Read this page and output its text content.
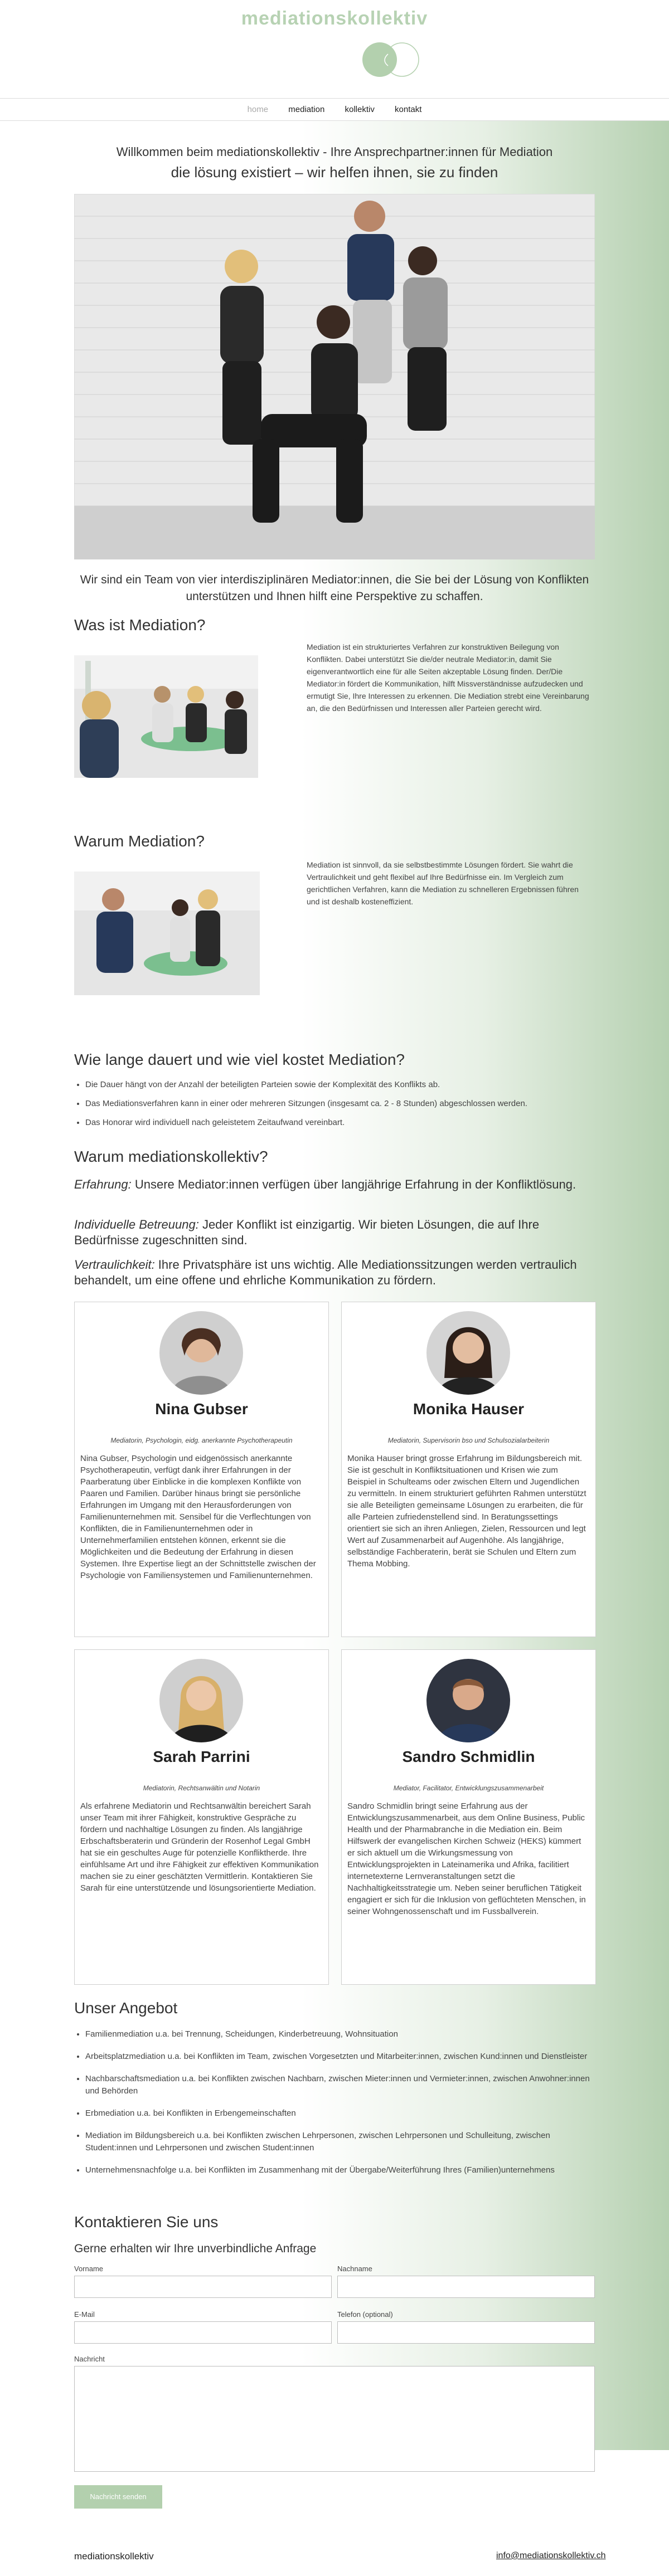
mediationskollektiv
home mediation kollektiv kontakt
Willkommen beim mediationskollektiv - Ihre Ansprechpartner:innen für Mediation
die lösung existiert – wir helfen ihnen, sie zu finden
Wir sind ein Team von vier interdisziplinären Mediator:innen, die Sie bei der Lösung von Konflikten unterstützen und Ihnen hilft eine Perspektive zu schaffen.
Was ist Mediation?
Mediation ist ein strukturiertes Verfahren zur konstruktiven Beilegung von Konflikten. Dabei unterstützt Sie die/der neutrale Mediator:in, damit Sie eigenverantwortlich eine für alle Seiten akzeptable Lösung finden. Der/Die Mediator:in fördert die Kommunikation, hilft Missverständnisse aufzudecken und ermutigt Sie, Ihre Interessen zu erkennen. Die Mediation strebt eine Vereinbarung an, die den Bedürfnissen und Interessen aller Parteien gerecht wird.
Warum Mediation?
Mediation ist sinnvoll, da sie selbstbestimmte Lösungen fördert. Sie wahrt die Vertraulichkeit und geht flexibel auf Ihre Bedürfnisse ein. Im Vergleich zum gerichtlichen Verfahren, kann die Mediation zu schnelleren Ergebnissen führen und ist deshalb kosteneffizient.
Wie lange dauert und wie viel kostet Mediation?
• Die Dauer hängt von der Anzahl der beteiligten Parteien sowie der Komplexität des Konflikts ab.
• Das Mediationsverfahren kann in einer oder mehreren Sitzungen (insgesamt ca. 2 - 8 Stunden) abgeschlossen werden.
• Das Honorar wird individuell nach geleistetem Zeitaufwand vereinbart.
Warum mediationskollektiv?

Erfahrung: Unsere Mediator:innen verfügen über langjährige Erfahrung in der Konfliktlösung.

Individuelle Betreuung: Jeder Konflikt ist einzigartig. Wir bieten Lösungen, die auf Ihre Bedürfnisse zugeschnitten sind.

Vertraulichkeit: Ihre Privatsphäre ist uns wichtig. Alle Mediationssitzungen werden vertraulich behandelt, um eine offene und ehrliche Kommunikation zu fördern.

Nina Gubser
Mediatorin, Psychologin, eidg. anerkannte Psychotherapeutin
Nina Gubser, Psychologin und eidgenössisch anerkannte Psychotherapeutin, verfügt dank ihrer Erfahrungen in der Paarberatung über Einblicke in die komplexen Konflikte von Paaren und Familien. Darüber hinaus bringt sie persönliche Erfahrungen im Umgang mit den Herausforderungen von Familienunternehmen mit. Sensibel für die Verflechtungen von Konflikten, die in Familienunternehmen oder in Unternehmerfamilien entstehen können, erkennt sie die Möglichkeiten und die Bedeutung der Erfahrung in diesen Systemen. Ihre Expertise liegt an der Schnittstelle zwischen der Psychologie von Familiensystemen und Familienunternehmen.
Monika Hauser
Mediatorin, Supervisorin bso und Schulsozialarbeiterin
Monika Hauser bringt grosse Erfahrung im Bildungsbereich mit. Sie ist geschult in Konfliktsituationen und Krisen wie zum Beispiel in Schulteams oder zwischen Eltern und Jugendlichen zu vermitteln. In einem strukturiert geführten Rahmen unterstützt sie alle Beteiligten gemeinsame Lösungen zu erarbeiten, die für alle Parteien zufriedenstellend sind. In Beratungssettings orientiert sie sich an ihren Anliegen, Zielen, Ressourcen und legt Wert auf Zusammenarbeit auf Augenhöhe. Als langjährige, selbständige Fachberaterin, berät sie Schulen und Eltern zum Thema Mobbing.
Sarah Parrini
Mediatorin, Rechtsanwältin und Notarin
Als erfahrene Mediatorin und Rechtsanwältin bereichert Sarah unser Team mit ihrer Fähigkeit, konstruktive Gespräche zu fördern und nachhaltige Lösungen zu finden. Als langjährige Erbschaftsberaterin und Gründerin der Rosenhof Legal GmbH hat sie ein geschultes Auge für potenzielle Konfliktherde. Ihre einfühlsame Art und ihre Fähigkeit zur effektiven Kommunikation machen sie zu einer geschätzten Vermittlerin. Kontaktieren Sie Sarah für eine unterstützende und lösungsorientierte Mediation.
Sandro Schmidlin
Mediator, Facilitator, Entwicklungszusammenarbeit
Sandro Schmidlin bringt seine Erfahrung aus der Entwicklungszusammenarbeit, aus dem Online Business, Public Health und der Pharmabranche in die Mediation ein. Beim Hilfswerk der evangelischen Kirchen Schweiz (HEKS) kümmert er sich aktuell um die Wirkungsmessung von Entwicklungsprojekten in Lateinamerika und Afrika, facilitiert internetexterne Lernveranstaltungen setzt die Nachhaltigkeitsstrategie um. Neben seiner beruflichen Tätigkeit engagiert er sich für die Inklusion von geflüchteten Menschen, in seiner Wohngenossenschaft und im Fussballverein.
Unser Angebot
• Familienmediation u.a. bei Trennung, Scheidungen, Kinderbetreuung, Wohnsituation
• Arbeitsplatzmediation u.a. bei Konflikten im Team, zwischen Vorgesetzten und Mitarbeiter:innen, zwischen Kund:innen und Dienstleister
• Nachbarschaftsmediation u.a. bei Konflikten zwischen Nachbarn, zwischen Mieter:innen und Vermieter:innen, zwischen Anwohner:innen und Behörden
• Erbmediation u.a. bei Konflikten in Erbengemeinschaften
• Mediation im Bildungsbereich u.a. bei Konflikten zwischen Lehrpersonen, zwischen Lehrpersonen und Schulleitung, zwischen Student:innen und Lehrpersonen und zwischen Student:innen
• Unternehmensnachfolge u.a. bei Konflikten im Zusammenhang mit der Übergabe/Weiterführung Ihres (Familien)unternehmens
Kontaktieren Sie uns
Gerne erhalten wir Ihre unverbindliche Anfrage
Vorname	Nachname
E-Mail	Telefon (optional)
Nachricht
Nachricht senden
mediationskollektiv	info@mediationskollektiv.ch
